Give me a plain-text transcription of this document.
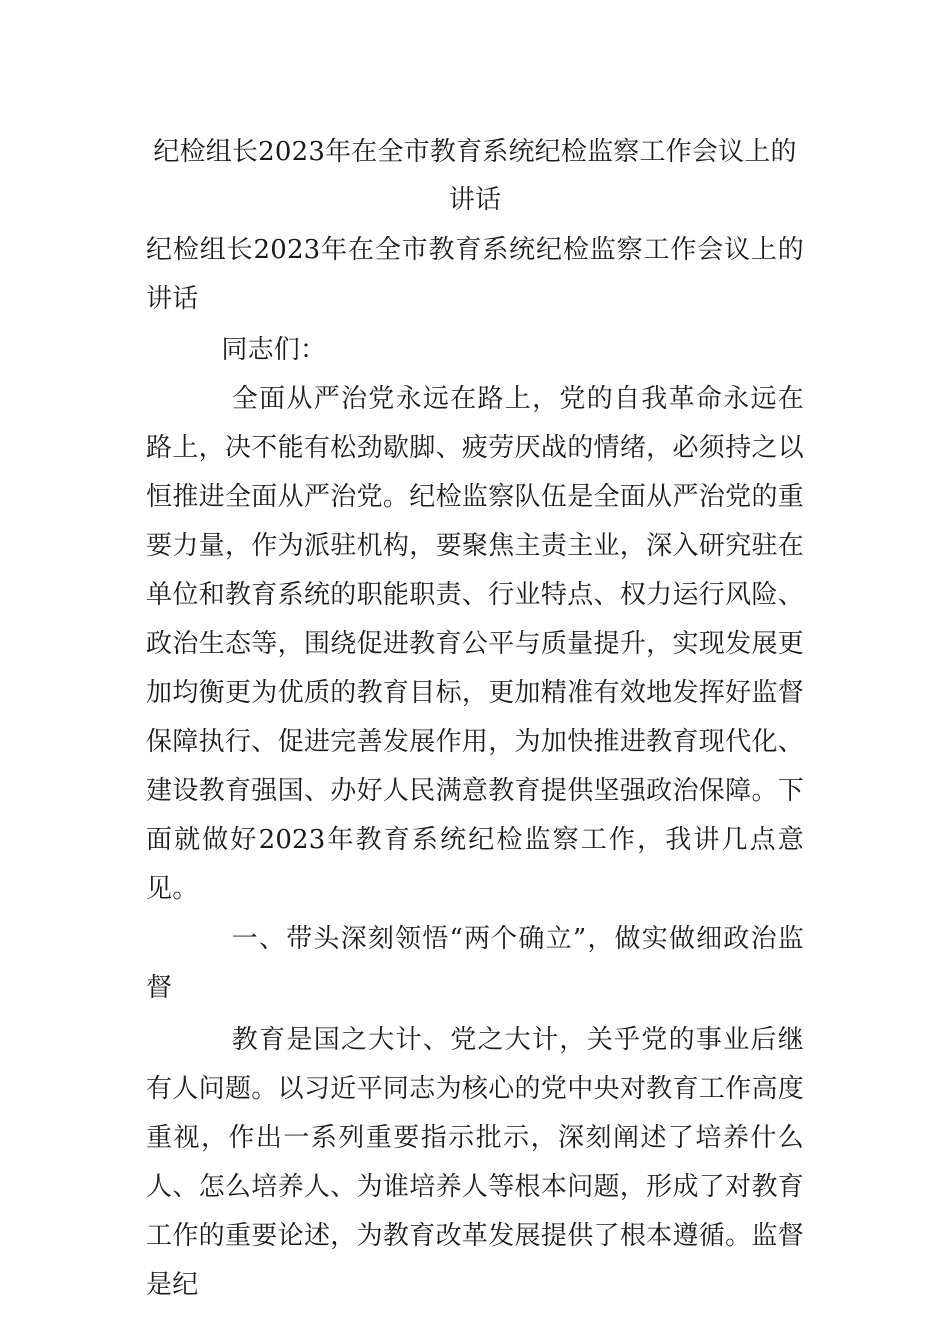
纪检组长2023年在全市教育系统纪检监察工作会议上的讲话

纪检组长2023年在全市教育系统纪检监察工作会议上的讲话

同志们：

全面从严治党永远在路上，党的自我革命永远在路上，决不能有松劲歇脚、疲劳厌战的情绪，必须持之以恒推进全面从严治党。纪检监察队伍是全面从严治党的重要力量，作为派驻机构，要聚焦主责主业，深入研究驻在单位和教育系统的职能职责、行业特点、权力运行风险、政治生态等，围绕促进教育公平与质量提升，实现发展更加均衡更为优质的教育目标，更加精准有效地发挥好监督保障执行、促进完善发展作用，为加快推进教育现代化、建设教育强国、办好人民满意教育提供坚强政治保障。下面就做好2023年教育系统纪检监察工作，我讲几点意见。

一、带头深刻领悟“两个确立”，做实做细政治监督

教育是国之大计、党之大计，关乎党的事业后继有人问题。以习近平同志为核心的党中央对教育工作高度重视，作出一系列重要指示批示，深刻阐述了培养什么人、怎么培养人、为谁培养人等根本问题，形成了对教育工作的重要论述，为教育改革发展提供了根本遵循。监督是纪
